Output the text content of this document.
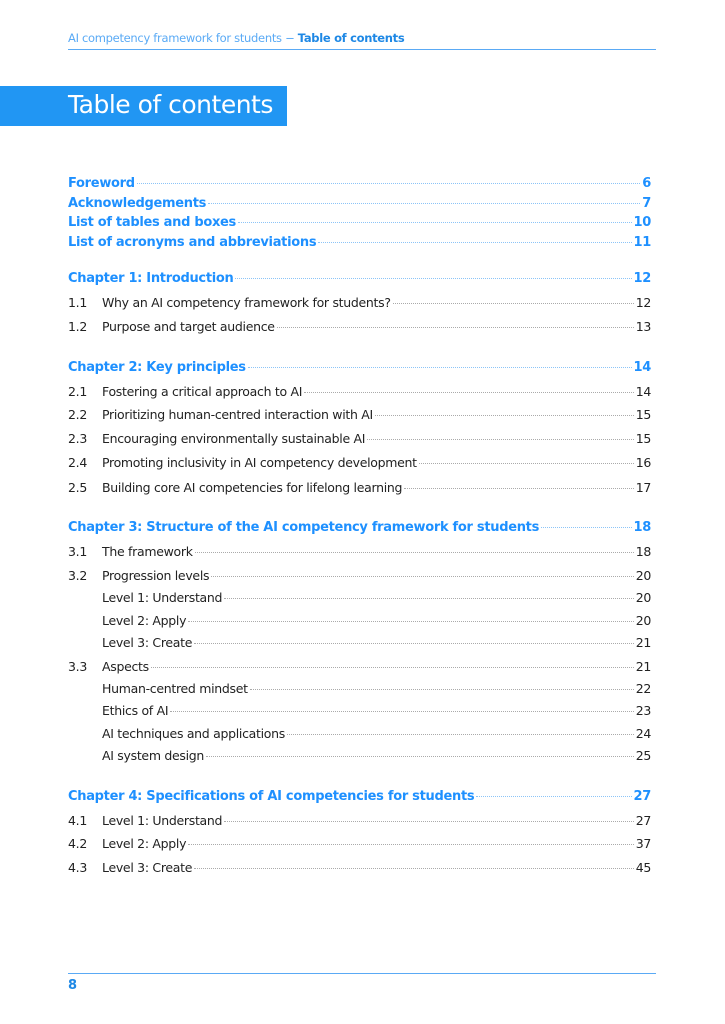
AI competency framework for students − Table of contents
Table of contents
Foreword	6
Acknowledgements	7
List of tables and boxes	10
List of acronyms and abbreviations	11
Chapter 1: Introduction	12
1.1	Why an AI competency framework for students?	12
1.2	Purpose and target audience	13
Chapter 2: Key principles	14
2.1	Fostering a critical approach to AI	14
2.2	Prioritizing human-centred interaction with AI	15
2.3	Encouraging environmentally sustainable AI	15
2.4	Promoting inclusivity in AI competency development	16
2.5	Building core AI competencies for lifelong learning	17
Chapter 3: Structure of the AI competency framework for students	18
3.1	The framework	18
3.2	Progression levels	20
Level 1: Understand	20
Level 2: Apply	20
Level 3: Create	21
3.3	Aspects	21
Human-centred mindset	22
Ethics of AI	23
AI techniques and applications	24
AI system design	25
Chapter 4: Specifications of AI competencies for students	27
4.1	Level 1: Understand	27
4.2	Level 2: Apply	37
4.3	Level 3: Create	45
8
